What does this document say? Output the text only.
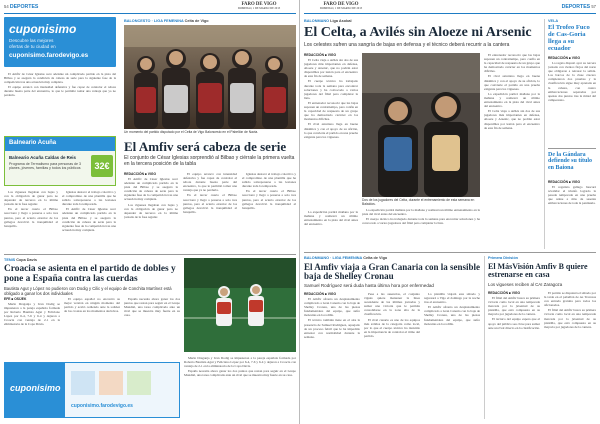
54 DEPORTES	FARO DE VIGO
DOMINGO, 1 DE MARZO DE 2015
cuponisimo
Descubre las mejores
ofertas de tu ciudad en
cuponisimo.farodevigo.es
BALONCESTO · LIGA FEMENINA Celta de Vigo
Un momento del partido disputado por el Celta de Vigo Baloncesto en el Pabellón de Navia.
El Amfiv será cabeza de serie
El conjunto de César Iglesias sorprendió al Bilbao y ciérrale la primera vuelta en la tercera posición de la tabla
REDACCIÓN ■ VIGO

El Amfiv de César Iglesias sacó adelante un complicado partido en la pista del Bilbao y se aseguró la condición de cabeza de serie para la siguiente fase de la competición tras una actuación muy completa.

Los vigueses llegaban con bajas y con la obligación de ganar para no depender de terceros en la última jornada de la fase regular.

El equipo arrancó con intensidad defensiva y fue capaz de controlar el rebote durante buena parte del encuentro, lo que le permitió tomar una ventaja que ya no perdería.

En el tercer cuarto el Bilbao reaccionó y llegó a ponerse a solo tres puntos, pero el acierto exterior de los gallegos devolvió la tranquilidad al banquillo.

Iglesias destacó el trabajo colectivo y el compromiso de una plantilla que ha sabido sobreponerse a las lesiones durante toda la temporada.

En el tercer cuarto el Bilbao reaccionó y llegó a ponerse a solo tres puntos, pero el acierto exterior de los gallegos devolvió la tranquilidad al banquillo.

El Amfiv de César Iglesias sacó adelante un complicado partido en la pista del Bilbao y se aseguró la condición de cabeza de serie para la siguiente fase de la competición tras una actuación muy completa.

El equipo arrancó con intensidad defensiva y fue capaz de controlar el rebote durante buena parte del encuentro, lo que le permitió tomar una ventaja que ya no perdería.

Balneario Acuña
Balneario Acuña Caldas de Reis
Programa de Termalismo para personas de 3 planes, jóvenes, familias y todos los públicos	32€

Los vigueses llegaban con bajas y con la obligación de ganar para no depender de terceros en la última jornada de la fase regular.

En el tercer cuarto el Bilbao reaccionó y llegó a ponerse a solo tres puntos, pero el acierto exterior de los gallegos devolvió la tranquilidad al banquillo.

Iglesias destacó el trabajo colectivo y el compromiso de una plantilla que ha sabido sobreponerse a las lesiones durante toda la temporada.

El Amfiv de César Iglesias sacó adelante un complicado partido en la pista del Bilbao y se aseguró la condición de cabeza de serie para la siguiente fase de la competición tras una actuación muy completa.

TENIS Copa Davis
Croacia se asienta en el partido de dobles y pone a España contra las cuerdas
Bautista Agut y López no pudieron con Dodig y Cilic y el equipo de Conchita Martínez está obligado a ganar los dos individuales
EFE ■ OSIJEK

Marin Draganja y Ivan Dodig se impusieron a la pareja española formada por Roberto Bautista Agut y Feliciano López por 6-4, 7-6 y 6-4 y dejaron a Croacia con ventaja de 2-1 en la eliminatoria de la Copa Davis.

El equipo español no encontró su mejor versión en ningún momento del partido y acabó cediendo ante la solidez de los croatas en los momentos decisivos.

España necesita ahora ganar los dos puntos que restan para seguir en el Grupo Mundial, una tarea complicada ante un rival que se muestra muy fuerte en su casa.

Marin Draganja y Ivan Dodig se impusieron a la pareja española formada por Roberto Bautista Agut y Feliciano López por 6-4, 7-6 y 6-4 y dejaron a Croacia con ventaja de 2-1 en la eliminatoria de la Copa Davis.

España necesita ahora ganar los dos puntos que restan para seguir en el Grupo Mundial, una tarea complicada ante un rival que se muestra muy fuerte en su casa.

cuponisimo
cuponisimo.farodevigo.es
FARO DE VIGO
DOMINGO, 1 DE MARZO DE 2015	DEPORTES 57
BALONMANO Liga Asobal
El Celta, a Avilés sin Aloeze ni Arsenic
Los celestes sufren una sangría de bajas en defensa y el técnico deberá recurrir a la cantera
REDACCIÓN ■ VIGO

El Celta viaja a Avilés sin dos de sus jugadores más importantes en defensa, Aloeze y Arsenic, que no podrán estar disponibles por lesión para el encuentro de este fin de semana.

El cuerpo técnico ha trabajado durante toda la semana para encontrar soluciones y ha convocado a varios jugadores del filial para completar la lista.

El entrenador reconoció que las bajas suponen un contratiempo, pero confía en la capacidad de respuesta de un grupo que ha demostrado carácter en los momentos difíciles.

El rival asturiano llega en buena dinámica y con el apoyo de su afición, lo que convierte el partido en una prueba exigente para los vigueses.

Dos de los jugadores del Celta, durante el entrenamiento de esta semana en Balaídos.

El entrenador reconoció que las bajas suponen un contratiempo, pero confía en la capacidad de respuesta de un grupo que ha demostrado carácter en los momentos difíciles.

El rival asturiano llega en buena dinámica y con el apoyo de su afición, lo que convierte el partido en una prueba exigente para los vigueses.

La expedición partirá mañana por la mañana y realizará un último entrenamiento en la pista del rival antes del encuentro.

El Celta viaja a Avilés sin dos de sus jugadores más importantes en defensa, Aloeze y Arsenic, que no podrán estar disponibles por lesión para el encuentro de este fin de semana.

La expedición partirá mañana por la mañana y realizará un último entrenamiento en la pista del rival antes del encuentro.

El cuerpo técnico ha trabajado durante toda la semana para encontrar soluciones y ha convocado a varios jugadores del filial para completar la lista.

La expedición partirá mañana por la mañana y realizará un último entrenamiento en la pista del rival antes del encuentro.

VELA
El Trofeo Fuco de Cas-Goria llega a su ecuador
REDACCIÓN ■ VIGO

La regata disputó ayer su tercera jornada con vientos flojos del norte que obligaron a retrasar la salida. Los barcos de la clase crucero completaron dos pruebas y la clasificación sigue muy apretada en la cabeza, con cuatro embarcaciones separadas por apenas dos puntos tras la mitad del campeonato.

De la Gándara defiende su título en Baiona
REDACCIÓN ■ VIGO

El regatista gallego buscará revalidar el triunfo logrado la pasada temporada en una prueba que reúne a más de sesenta embarcaciones de toda la península.

BALONMANO · LIGA FEMENINA Celta de Vigo
El Amfiv viaja a Gran Canaria con la sensible baja de Shelley Cronau
Samuel Rodríguez será duda hasta última hora por enfermedad
REDACCIÓN ■ VIGO

El Amfiv afronta un desplazamiento complicado a Gran Canaria con la baja de Shelley Cronau, una de las piezas fundamentales del equipo, que sufre molestias en la rodilla.

El técnico también tiene en el aire la presencia de Samuel Rodríguez, aquejado de un proceso febril que le ha impedido entrenar con normalidad durante la semana.

Pese a las ausencias, el conjunto vigués quiere mantener la línea ascendente de las últimas jornadas y sumar una victoria que le permita consolidarse en la zona alta de la clasificación.

El rival canario es uno de los equipos más sólidos de la categoría como local, por lo que el cuerpo técnico ha insistido en la importancia de controlar el ritmo del partido.

La plantilla viajará este sábado y regresará a Vigo el domingo por la noche tras el encuentro.

El Amfiv afronta un desplazamiento complicado a Gran Canaria con la baja de Shelley Cronau, una de las piezas fundamentales del equipo, que sufre molestias en la rodilla.

Primera División
El MásVisión Amfiv B quiere estrenarse en casa
Los vigueses reciben al CAI Zaragoza
REDACCIÓN ■ VIGO

El filial del Amfiv busca su primera victoria como local en una temporada marcada por la juventud de su plantilla, que está compuesta en su mayoría por jugadores de la cantera.

El técnico del equipo espera que el apoyo del público sea clave para sumar ante un rival directo en la clasificación.

El partido se disputará el sábado por la tarde en el pabellón de As Travesas con entrada gratuita para todos los aficionados.

El filial del Amfiv busca su primera victoria como local en una temporada marcada por la juventud de su plantilla, que está compuesta en su mayoría por jugadores de la cantera.
